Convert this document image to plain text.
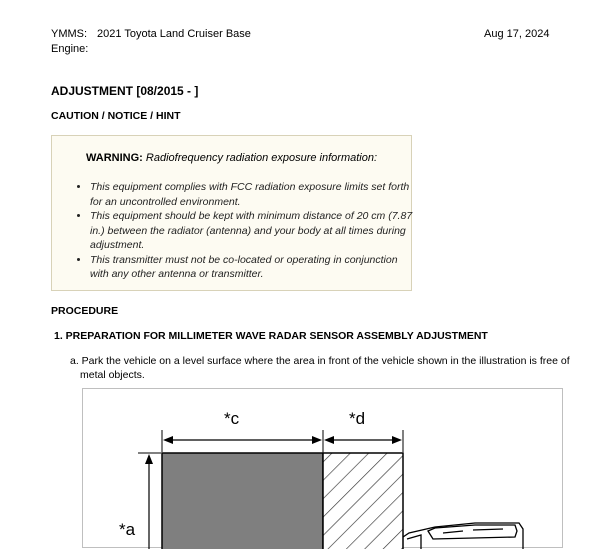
YMMS: 2021 Toyota Land Cruiser Base	Aug 17, 2024
Engine:
ADJUSTMENT [08/2015 - ]
CAUTION / NOTICE / HINT
WARNING: Radiofrequency radiation exposure information:
• This equipment complies with FCC radiation exposure limits set forth for an uncontrolled environment.
• This equipment should be kept with minimum distance of 20 cm (7.87 in.) between the radiator (antenna) and your body at all times during adjustment.
• This transmitter must not be co-located or operating in conjunction with any other antenna or transmitter.
PROCEDURE
1. PREPARATION FOR MILLIMETER WAVE RADAR SENSOR ASSEMBLY ADJUSTMENT
a. Park the vehicle on a level surface where the area in front of the vehicle shown in the illustration is free of metal objects.
*c	*d
*a
